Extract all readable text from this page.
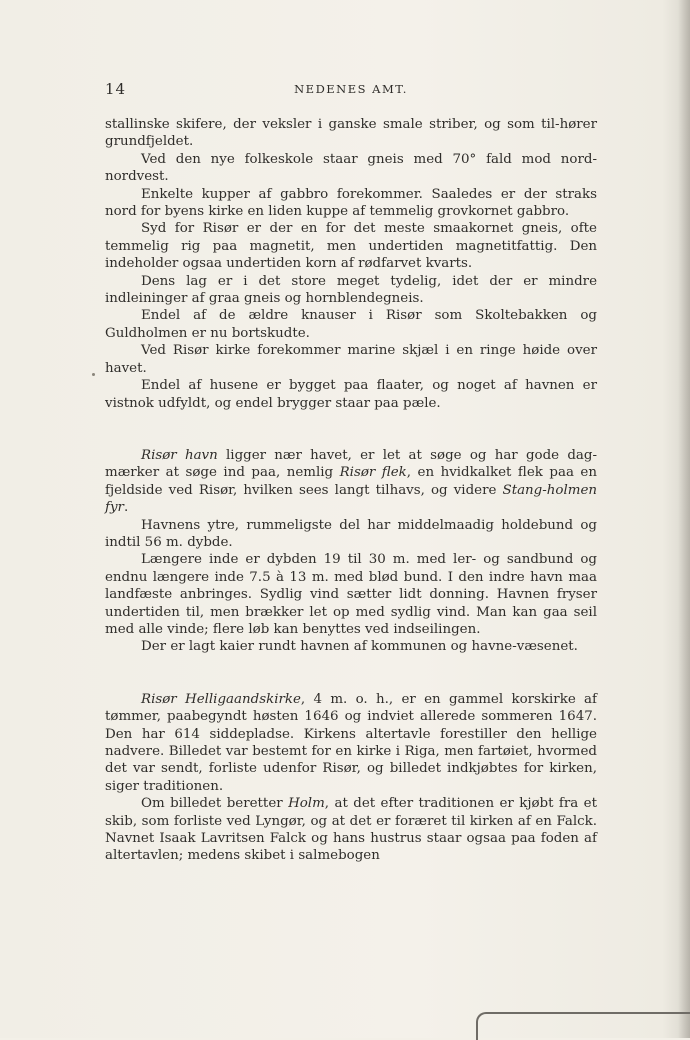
14	NEDENES AMT.

stallinske skifere, der veksler i ganske smale striber, og som til-hører grundfjeldet.

Ved den nye folkeskole staar gneis med 70° fald mod nord-nordvest.

Enkelte kupper af gabbro forekommer. Saaledes er der straks nord for byens kirke en liden kuppe af temmelig grovkornet gabbro.

Syd for Risør er der en for det meste smaakornet gneis, ofte temmelig rig paa magnetit, men undertiden magnetitfattig. Den indeholder ogsaa undertiden korn af rødfarvet kvarts.

Dens lag er i det store meget tydelig, idet der er mindre indleininger af graa gneis og hornblendegneis.

Endel af de ældre knauser i Risør som Skoltebakken og Guldholmen er nu bortskudte.

Ved Risør kirke forekommer marine skjæl i en ringe høide over havet.

Endel af husene er bygget paa flaater, og noget af havnen er vistnok udfyldt, og endel brygger staar paa pæle.

Risør havn ligger nær havet, er let at søge og har gode dag-mærker at søge ind paa, nemlig Risør flek, en hvidkalket flek paa en fjeldside ved Risør, hvilken sees langt tilhavs, og videre Stang-holmen fyr.

Havnens ytre, rummeligste del har middelmaadig holdebund og indtil 56 m. dybde.

Længere inde er dybden 19 til 30 m. med ler- og sandbund og endnu længere inde 7.5 à 13 m. med blød bund. I den indre havn maa landfæste anbringes. Sydlig vind sætter lidt donning. Havnen fryser undertiden til, men brækker let op med sydlig vind. Man kan gaa seil med alle vinde; flere løb kan benyttes ved indseilingen.

Der er lagt kaier rundt havnen af kommunen og havne-væsenet.

Risør Helligaandskirke, 4 m. o. h., er en gammel korskirke af tømmer, paabegyndt høsten 1646 og indviet allerede sommeren 1647. Den har 614 siddepladse. Kirkens altertavle forestiller den hellige nadvere. Billedet var bestemt for en kirke i Riga, men fartøiet, hvormed det var sendt, forliste udenfor Risør, og billedet indkjøbtes for kirken, siger traditionen.

Om billedet beretter Holm, at det efter traditionen er kjøbt fra et skib, som forliste ved Lyngør, og at det er foræret til kirken af en Falck. Navnet Isaak Lavritsen Falck og hans hustrus staar ogsaa paa foden af altertavlen; medens skibet i salmebogen
